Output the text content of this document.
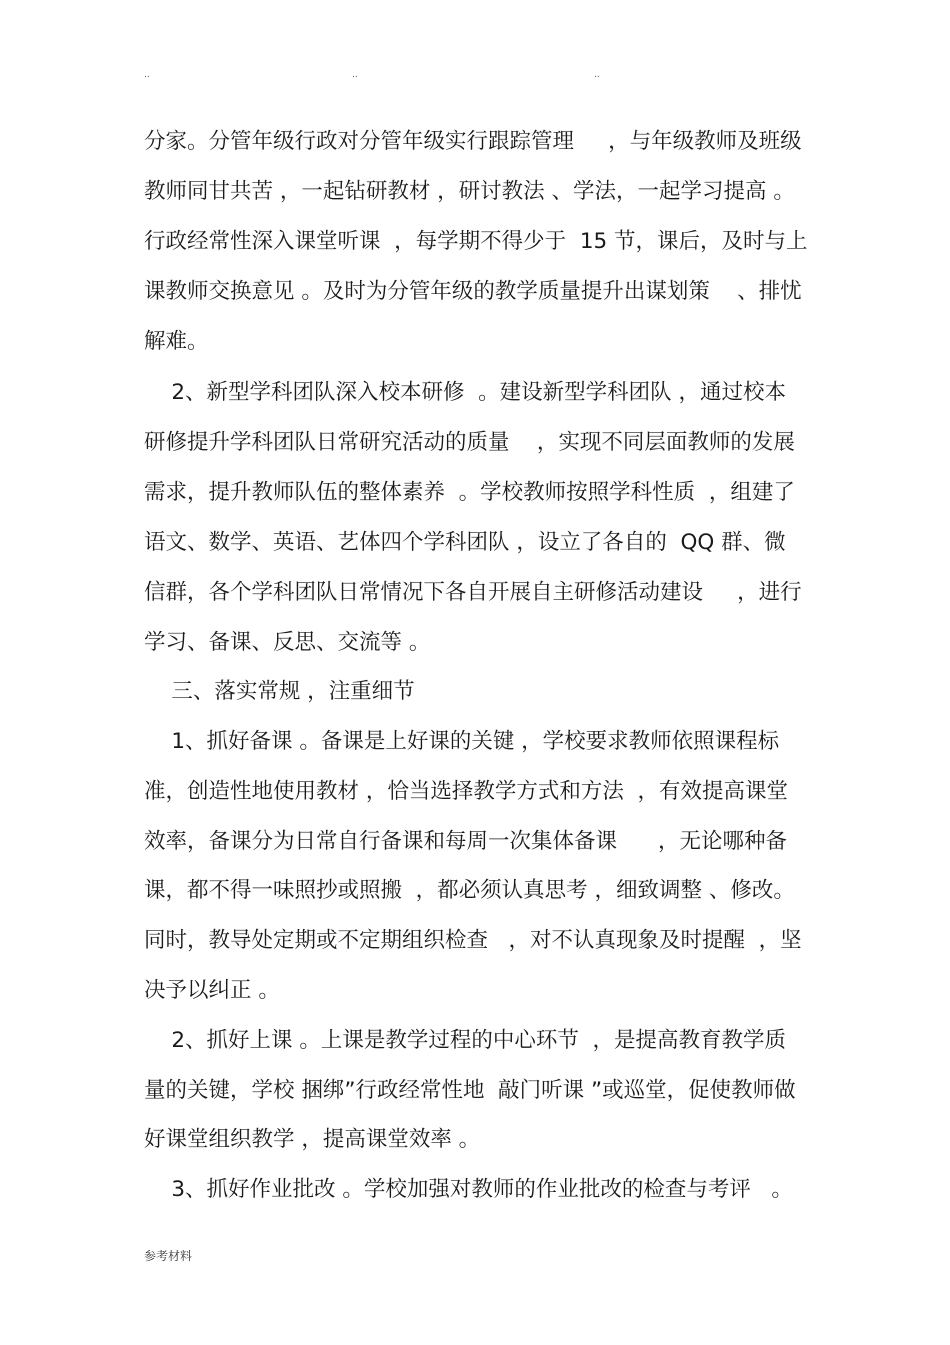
..	..	..
分家。分管年级行政对分管年级实行跟踪管理     ，与年级教师及班级
教师同甘共苦 ，一起钻研教材 ，研讨教法 、学法，一起学习提高 。
行政经常性深入课堂听课  ，每学期不得少于  15 节，课后，及时与上
课教师交换意见 。及时为分管年级的教学质量提升出谋划策    、排忧
解难。
2、新型学科团队深入校本研修  。建设新型学科团队 ，通过校本
研修提升学科团队日常研究活动的质量    ，实现不同层面教师的发展
需求，提升教师队伍的整体素养  。学校教师按照学科性质  ，组建了
语文、数学、英语、艺体四个学科团队 ，设立了各自的  QQ 群、微
信群，各个学科团队日常情况下各自开展自主研修活动建设     ，进行
学习、备课、反思、交流等 。
三、落实常规 ，注重细节
1、抓好备课 。备课是上好课的关键 ，学校要求教师依照课程标
准，创造性地使用教材 ，恰当选择教学方式和方法  ，有效提高课堂
效率，备课分为日常自行备课和每周一次集体备课      ，无论哪种备
课，都不得一味照抄或照搬  ，都必须认真思考 ，细致调整 、修改。
同时，教导处定期或不定期组织检查   ，对不认真现象及时提醒  ，坚
决予以纠正 。
2、抓好上课 。上课是教学过程的中心环节  ，是提高教育教学质
量的关键，学校 捆绑”行政经常性地  敲门听课 ”或巡堂，促使教师做
好课堂组织教学 ，提高课堂效率 。
3、抓好作业批改 。学校加强对教师的作业批改的检查与考评   。
参考材料
